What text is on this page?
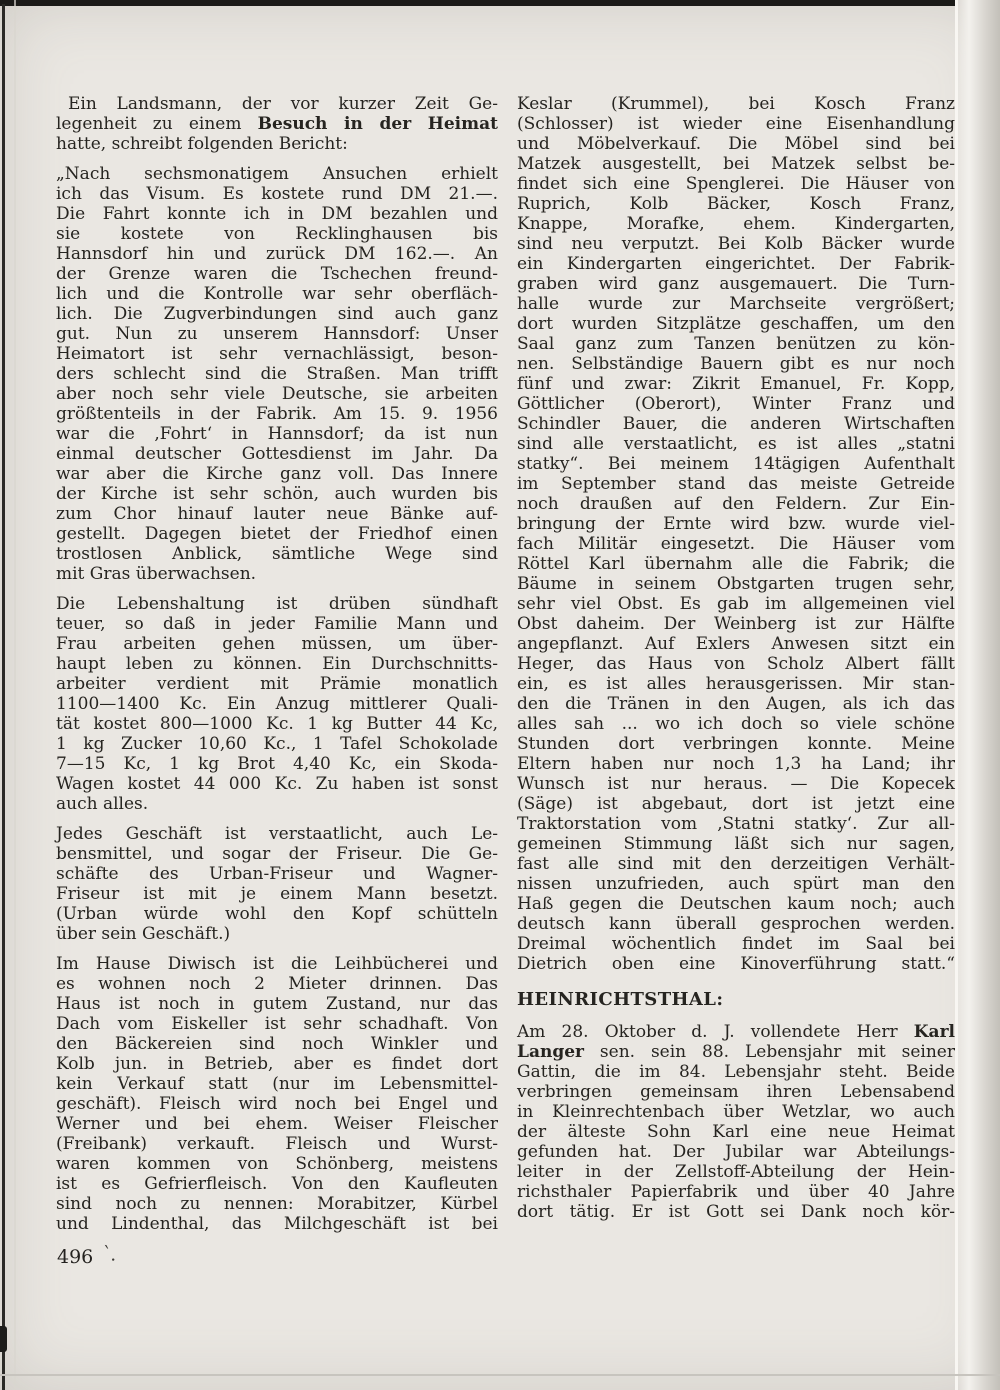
Ein Landsmann, der vor kurzer Zeit Ge-
legenheit zu einem Besuch in der Heimat
hatte, schreibt folgenden Bericht:
„Nach sechsmonatigem Ansuchen erhielt
ich das Visum. Es kostete rund DM 21.—.
Die Fahrt konnte ich in DM bezahlen und
sie kostete von Recklinghausen bis
Hannsdorf hin und zurück DM 162.—. An
der Grenze waren die Tschechen freund-
lich und die Kontrolle war sehr oberfläch-
lich. Die Zugverbindungen sind auch ganz
gut. Nun zu unserem Hannsdorf: Unser
Heimatort ist sehr vernachlässigt, beson-
ders schlecht sind die Straßen. Man trifft
aber noch sehr viele Deutsche, sie arbeiten
größtenteils in der Fabrik. Am 15. 9. 1956
war die ‚Fohrt‘ in Hannsdorf; da ist nun
einmal deutscher Gottesdienst im Jahr. Da
war aber die Kirche ganz voll. Das Innere
der Kirche ist sehr schön, auch wurden bis
zum Chor hinauf lauter neue Bänke auf-
gestellt. Dagegen bietet der Friedhof einen
trostlosen Anblick, sämtliche Wege sind
mit Gras überwachsen.
Die Lebenshaltung ist drüben sündhaft
teuer, so daß in jeder Familie Mann und
Frau arbeiten gehen müssen, um über-
haupt leben zu können. Ein Durchschnitts-
arbeiter verdient mit Prämie monatlich
1100—1400 Kc. Ein Anzug mittlerer Quali-
tät kostet 800—1000 Kc. 1 kg Butter 44 Kc,
1 kg Zucker 10,60 Kc., 1 Tafel Schokolade
7—15 Kc, 1 kg Brot 4,40 Kc, ein Skoda-
Wagen kostet 44 000 Kc. Zu haben ist sonst
auch alles.
Jedes Geschäft ist verstaatlicht, auch Le-
bensmittel, und sogar der Friseur. Die Ge-
schäfte des Urban-Friseur und Wagner-
Friseur ist mit je einem Mann besetzt.
(Urban würde wohl den Kopf schütteln
über sein Geschäft.)
Im Hause Diwisch ist die Leihbücherei und
es wohnen noch 2 Mieter drinnen. Das
Haus ist noch in gutem Zustand, nur das
Dach vom Eiskeller ist sehr schadhaft. Von
den Bäckereien sind noch Winkler und
Kolb jun. in Betrieb, aber es findet dort
kein Verkauf statt (nur im Lebensmittel-
geschäft). Fleisch wird noch bei Engel und
Werner und bei ehem. Weiser Fleischer
(Freibank) verkauft. Fleisch und Wurst-
waren kommen von Schönberg, meistens
ist es Gefrierfleisch. Von den Kaufleuten
sind noch zu nennen: Morabitzer, Kürbel
und Lindenthal, das Milchgeschäft ist bei
Keslar (Krummel), bei Kosch Franz
(Schlosser) ist wieder eine Eisenhandlung
und Möbelverkauf. Die Möbel sind bei
Matzek ausgestellt, bei Matzek selbst be-
findet sich eine Spenglerei. Die Häuser von
Ruprich, Kolb Bäcker, Kosch Franz,
Knappe, Morafke, ehem. Kindergarten,
sind neu verputzt. Bei Kolb Bäcker wurde
ein Kindergarten eingerichtet. Der Fabrik-
graben wird ganz ausgemauert. Die Turn-
halle wurde zur Marchseite vergrößert;
dort wurden Sitzplätze geschaffen, um den
Saal ganz zum Tanzen benützen zu kön-
nen. Selbständige Bauern gibt es nur noch
fünf und zwar: Zikrit Emanuel, Fr. Kopp,
Göttlicher (Oberort), Winter Franz und
Schindler Bauer, die anderen Wirtschaften
sind alle verstaatlicht, es ist alles „statni
statky“. Bei meinem 14tägigen Aufenthalt
im September stand das meiste Getreide
noch draußen auf den Feldern. Zur Ein-
bringung der Ernte wird bzw. wurde viel-
fach Militär eingesetzt. Die Häuser vom
Röttel Karl übernahm alle die Fabrik; die
Bäume in seinem Obstgarten trugen sehr,
sehr viel Obst. Es gab im allgemeinen viel
Obst daheim. Der Weinberg ist zur Hälfte
angepflanzt. Auf Exlers Anwesen sitzt ein
Heger, das Haus von Scholz Albert fällt
ein, es ist alles herausgerissen. Mir stan-
den die Tränen in den Augen, als ich das
alles sah ... wo ich doch so viele schöne
Stunden dort verbringen konnte. Meine
Eltern haben nur noch 1,3 ha Land; ihr
Wunsch ist nur heraus. — Die Kopecek
(Säge) ist abgebaut, dort ist jetzt eine
Traktorstation vom ‚Statni statky‘. Zur all-
gemeinen Stimmung läßt sich nur sagen,
fast alle sind mit den derzeitigen Verhält-
nissen unzufrieden, auch spürt man den
Haß gegen die Deutschen kaum noch; auch
deutsch kann überall gesprochen werden.
Dreimal wöchentlich findet im Saal bei
Dietrich oben eine Kinoverführung statt.“
HEINRICHTSTHAL:
Am 28. Oktober d. J. vollendete Herr Karl
Langer sen. sein 88. Lebensjahr mit seiner
Gattin, die im 84. Lebensjahr steht. Beide
verbringen gemeinsam ihren Lebensabend
in Kleinrechtenbach über Wetzlar, wo auch
der älteste Sohn Karl eine neue Heimat
gefunden hat. Der Jubilar war Abteilungs-
leiter in der Zellstoff-Abteilung der Hein-
richsthaler Papierfabrik und über 40 Jahre
dort tätig. Er ist Gott sei Dank noch kör-
496 ˋ.
